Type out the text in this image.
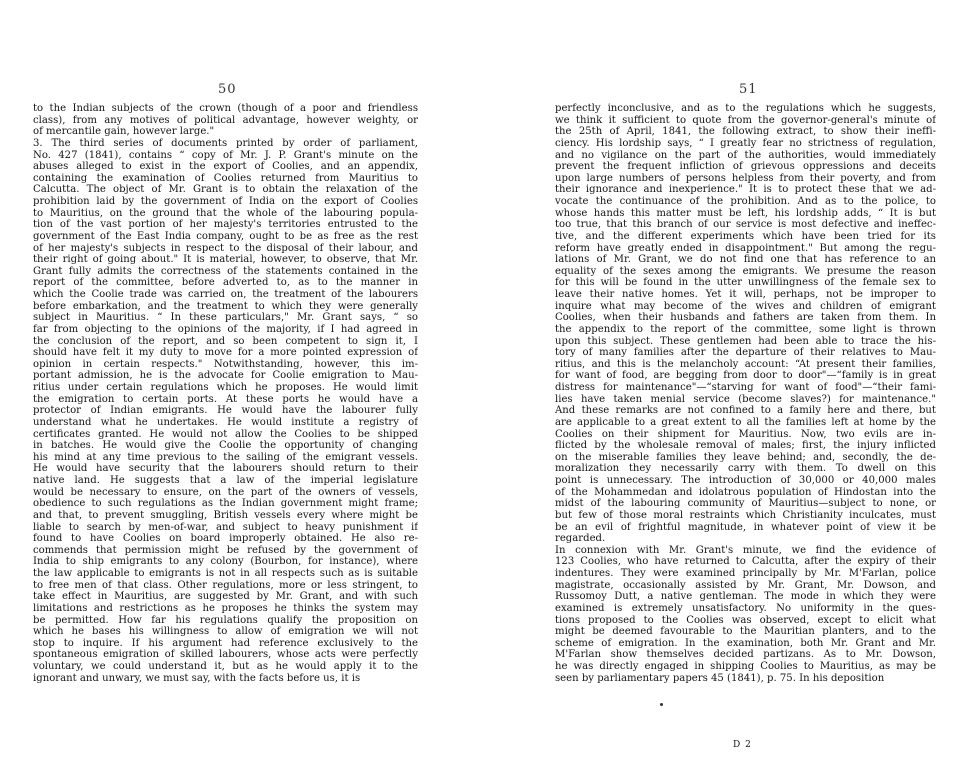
50	51
to the Indian subjects of the crown (though of a poor and friendless
class), from any motives of political advantage, however weighty, or
of mercantile gain, however large."
3. The third series of documents printed by order of parliament,
No. 427 (1841), contains “ copy of Mr. J. P. Grant's minute on the
abuses alleged to exist in the export of Coolies, and an appendix,
containing the examination of Coolies returned from Mauritius to
Calcutta. The object of Mr. Grant is to obtain the relaxation of the
prohibition laid by the government of India on the export of Coolies
to Mauritius, on the ground that the whole of the labouring popula-
tion of the vast portion of her majesty's territories entrusted to the
government of the East India company, ought to be as free as the rest
of her majesty's subjects in respect to the disposal of their labour, and
their right of going about." It is material, however, to observe, that Mr.
Grant fully admits the correctness of the statements contained in the
report of the committee, before adverted to, as to the manner in
which the Coolie trade was carried on, the treatment of the labourers
before embarkation, and the treatment to which they were generally
subject in Mauritius. “ In these particulars," Mr. Grant says, “ so
far from objecting to the opinions of the majority, if I had agreed in
the conclusion of the report, and so been competent to sign it, I
should have felt it my duty to move for a more pointed expression of
opinion in certain respects." Notwithstanding, however, this im-
portant admission, he is the advocate for Coolie emigration to Mau-
ritius under certain regulations which he proposes. He would limit
the emigration to certain ports. At these ports he would have a
protector of Indian emigrants. He would have the labourer fully
understand what he undertakes. He would institute a registry of
certificates granted. He would not allow the Coolies to be shipped
in batches. He would give the Coolie the opportunity of changing
his mind at any time previous to the sailing of the emigrant vessels.
He would have security that the labourers should return to their
native land. He suggests that a law of the imperial legislature
would be necessary to ensure, on the part of the owners of vessels,
obedience to such regulations as the Indian government might frame;
and that, to prevent smuggling, British vessels every where might be
liable to search by men-of-war, and subject to heavy punishment if
found to have Coolies on board improperly obtained. He also re-
commends that permission might be refused by the government of
India to ship emigrants to any colony (Bourbon, for instance), where
the law applicable to emigrants is not in all respects such as is suitable
to free men of that class. Other regulations, more or less stringent, to
take effect in Mauritius, are suggested by Mr. Grant, and with such
limitations and restrictions as he proposes he thinks the system may
be permitted. How far his regulations qualify the proposition on
which he bases his willingness to allow of emigration we will not
stop to inquire. If his argument had reference exclusively to the
spontaneous emigration of skilled labourers, whose acts were perfectly
voluntary, we could understand it, but as he would apply it to the
ignorant and unwary, we must say, with the facts before us, it is
perfectly inconclusive, and as to the regulations which he suggests,
we think it sufficient to quote from the governor-general's minute of
the 25th of April, 1841, the following extract, to show their ineffi-
ciency. His lordship says, “ I greatly fear no strictness of regulation,
and no vigilance on the part of the authorities, would immediately
prevent the frequent infliction of grievous oppressions and deceits
upon large numbers of persons helpless from their poverty, and from
their ignorance and inexperience." It is to protect these that we ad-
vocate the continuance of the prohibition. And as to the police, to
whose hands this matter must be left, his lordship adds, “ It is but
too true, that this branch of our service is most defective and ineffec-
tive, and the different experiments which have been tried for its
reform have greatly ended in disappointment." But among the regu-
lations of Mr. Grant, we do not find one that has reference to an
equality of the sexes among the emigrants. We presume the reason
for this will be found in the utter unwillingness of the female sex to
leave their native homes. Yet it will, perhaps, not be improper to
inquire what may become of the wives and children of emigrant
Coolies, when their husbands and fathers are taken from them. In
the appendix to the report of the committee, some light is thrown
upon this subject. These gentlemen had been able to trace the his-
tory of many families after the departure of their relatives to Mau-
ritius, and this is the melancholy account: “At present their families,
for want of food, are begging from door to door"—“family is in great
distress for maintenance"—“starving for want of food"—“their fami-
lies have taken menial service (become slaves?) for maintenance."
And these remarks are not confined to a family here and there, but
are applicable to a great extent to all the families left at home by the
Coolies on their shipment for Mauritius. Now, two evils are in-
flicted by the wholesale removal of males; first, the injury inflicted
on the miserable families they leave behind; and, secondly, the de-
moralization they necessarily carry with them. To dwell on this
point is unnecessary. The introduction of 30,000 or 40,000 males
of the Mohammedan and idolatrous population of Hindostan into the
midst of the labouring community of Mauritius—subject to none, or
but few of those moral restraints which Christianity inculcates, must
be an evil of frightful magnitude, in whatever point of view it be
regarded.
In connexion with Mr. Grant's minute, we find the evidence of
123 Coolies, who have returned to Calcutta, after the expiry of their
indentures. They were examined principally by Mr. M'Farlan, police
magistrate, occasionally assisted by Mr. Grant, Mr. Dowson, and
Russomoy Dutt, a native gentleman. The mode in which they were
examined is extremely unsatisfactory. No uniformity in the ques-
tions proposed to the Coolies was observed, except to elicit what
might be deemed favourable to the Mauritian planters, and to the
scheme of emigration. In the examination, both Mr. Grant and Mr.
M'Farlan show themselves decided partizans. As to Mr. Dowson,
he was directly engaged in shipping Coolies to Mauritius, as may be
seen by parliamentary papers 45 (1841), p. 75. In his deposition
D 2
